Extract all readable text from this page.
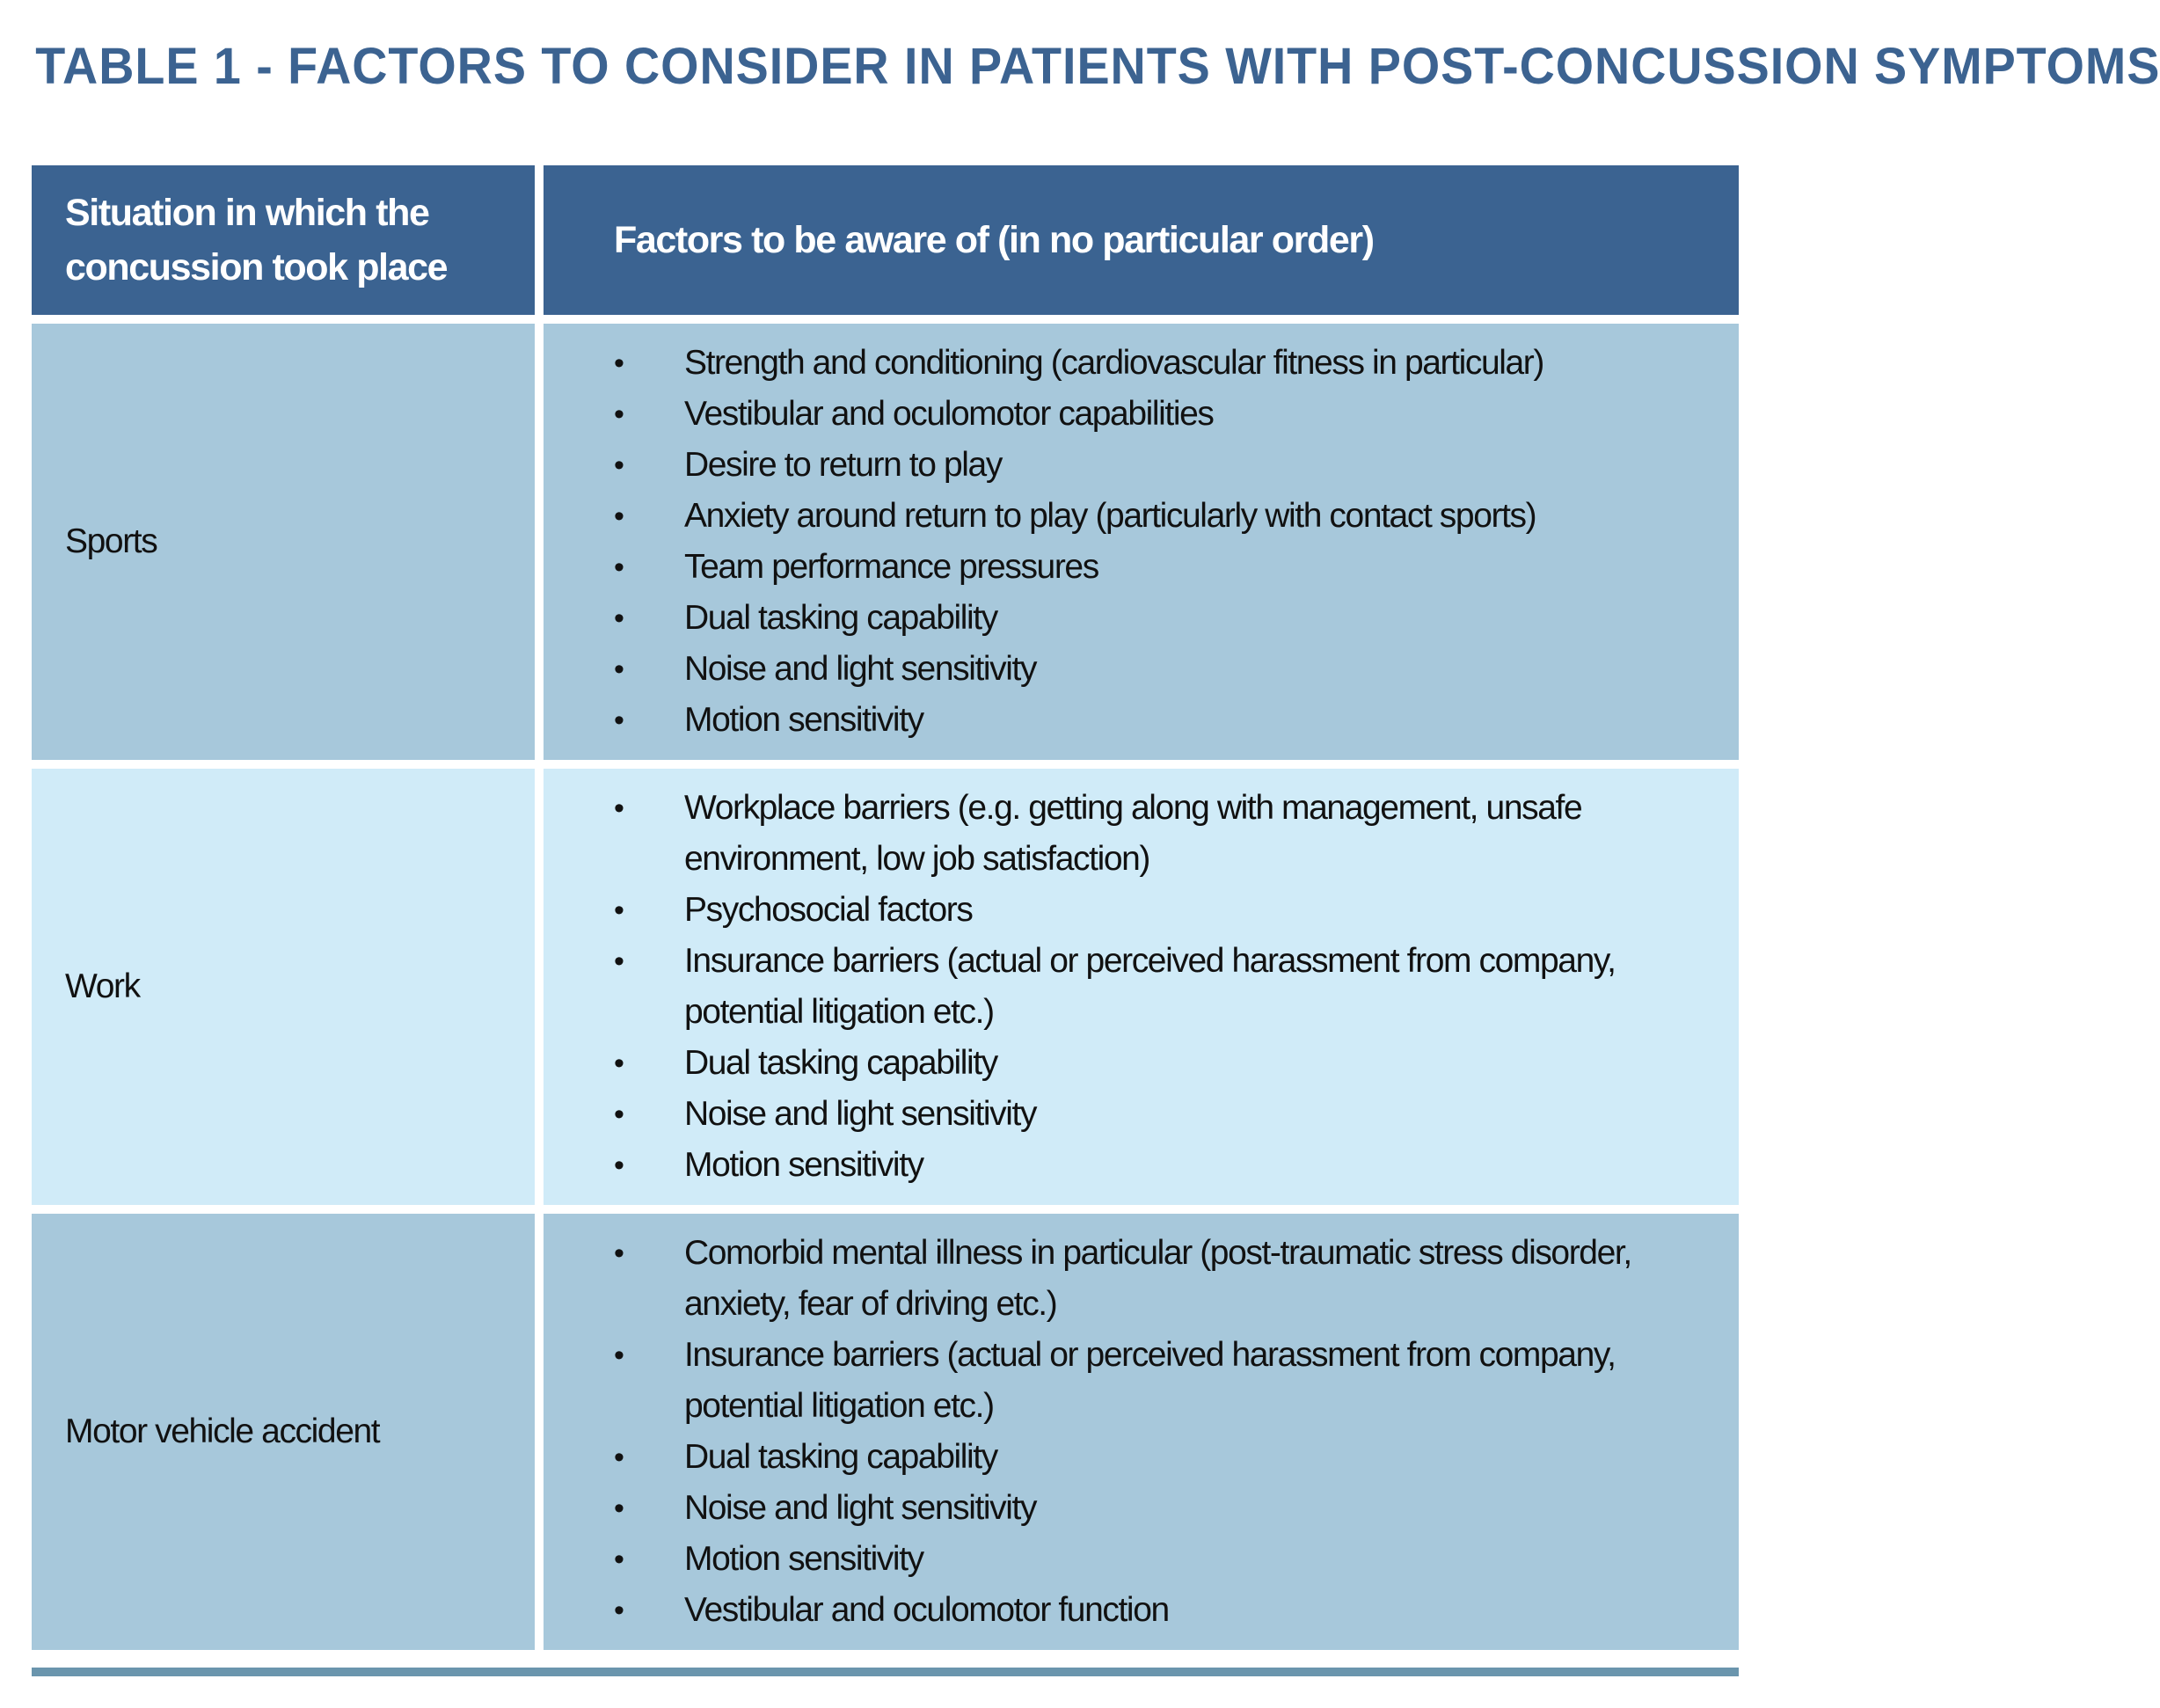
TABLE 1 - FACTORS TO CONSIDER IN PATIENTS WITH POST-CONCUSSION SYMPTOMS
Situation in which the concussion took place
Factors to be aware of (in no particular order)
Sports
• Strength and conditioning (cardiovascular fitness in particular)
• Vestibular and oculomotor capabilities
• Desire to return to play
• Anxiety around return to play (particularly with contact sports)
• Team performance pressures
• Dual tasking capability
• Noise and light sensitivity
• Motion sensitivity
Work
• Workplace barriers (e.g. getting along with management, unsafe environment, low job satisfaction)
• Psychosocial factors
• Insurance barriers (actual or perceived harassment from company, potential litigation etc.)
• Dual tasking capability
• Noise and light sensitivity
• Motion sensitivity
Motor vehicle accident
• Comorbid mental illness in particular (post-traumatic stress disorder, anxiety, fear of driving etc.)
• Insurance barriers (actual or perceived harassment from company, potential litigation etc.)
• Dual tasking capability
• Noise and light sensitivity
• Motion sensitivity
• Vestibular and oculomotor function
